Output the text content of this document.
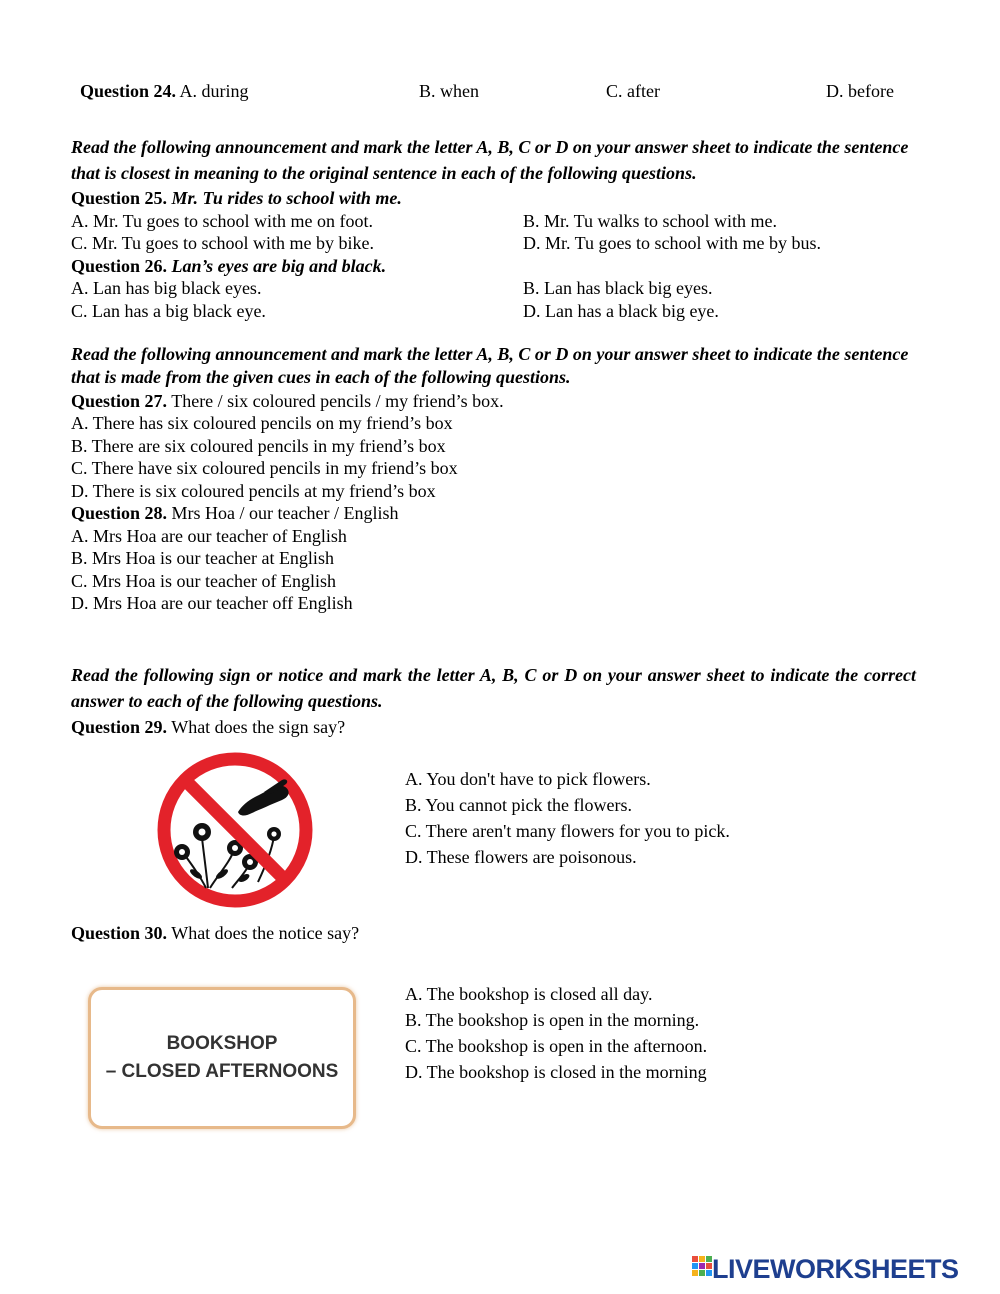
Question 24. A. during	B. when	C. after	D. before
Read the following announcement and mark the letter A, B, C or D on your answer sheet to indicate the sentence that is closest in meaning to the original sentence in each of the following questions.
Question 25. Mr. Tu rides to school with me.
A. Mr. Tu goes to school with me on foot.	B. Mr. Tu walks to school with me.
C. Mr. Tu goes to school with me by bike.	D. Mr. Tu goes to school with me by bus.
Question 26. Lan’s eyes are big and black.
A. Lan has big black eyes.	B. Lan has black big eyes.
C. Lan has a big black eye.	D. Lan has a black big eye.
Read the following announcement and mark the letter A, B, C or D on your answer sheet to indicate the sentence that is made from the given cues in each of the following questions.
Question 27. There / six coloured pencils / my friend’s box.
A. There has six coloured pencils on my friend’s box
B. There are six coloured pencils in my friend’s box
C. There have six coloured pencils in my friend’s box
D. There is six coloured pencils at my friend’s box
Question 28. Mrs Hoa / our teacher / English
A. Mrs Hoa are our teacher of English
B. Mrs Hoa is our teacher at English
C. Mrs Hoa is our teacher of English
D. Mrs Hoa are our teacher off English
Read the following sign or notice and mark the letter A, B, C or D on your answer sheet to indicate the correct answer to each of the following questions.
Question 29. What does the sign say?
A. You don't have to pick flowers.
B. You cannot pick the flowers.
C. There aren't many flowers for you to pick.
D. These flowers are poisonous.
Question 30. What does the notice say?
BOOKSHOP
– CLOSED AFTERNOONS
A. The bookshop is closed all day.
B. The bookshop is open in the morning.
C. The bookshop is open in the afternoon.
D. The bookshop is closed in the morning
LIVEWORKSHEETS
